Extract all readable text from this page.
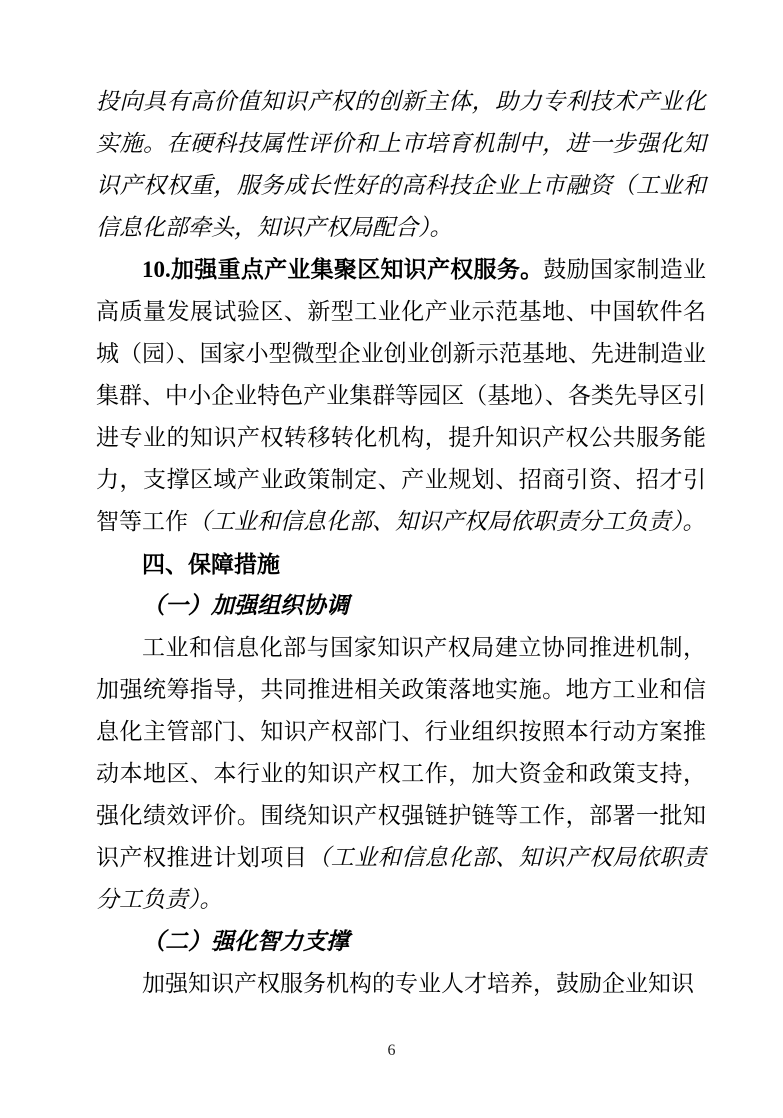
投向具有高价值知识产权的创新主体，助力专利技术产业化实施。在硬科技属性评价和上市培育机制中，进一步强化知识产权权重，服务成长性好的高科技企业上市融资（工业和信息化部牵头，知识产权局配合）。

10.加强重点产业集聚区知识产权服务。鼓励国家制造业高质量发展试验区、新型工业化产业示范基地、中国软件名城（园）、国家小型微型企业创业创新示范基地、先进制造业集群、中小企业特色产业集群等园区（基地）、各类先导区引进专业的知识产权转移转化机构，提升知识产权公共服务能力，支撑区域产业政策制定、产业规划、招商引资、招才引智等工作（工业和信息化部、知识产权局依职责分工负责）。

四、保障措施
（一）加强组织协调

工业和信息化部与国家知识产权局建立协同推进机制，加强统筹指导，共同推进相关政策落地实施。地方工业和信息化主管部门、知识产权部门、行业组织按照本行动方案推动本地区、本行业的知识产权工作，加大资金和政策支持，强化绩效评价。围绕知识产权强链护链等工作，部署一批知识产权推进计划项目（工业和信息化部、知识产权局依职责分工负责）。

（二）强化智力支撑

加强知识产权服务机构的专业人才培养，鼓励企业知识

6
